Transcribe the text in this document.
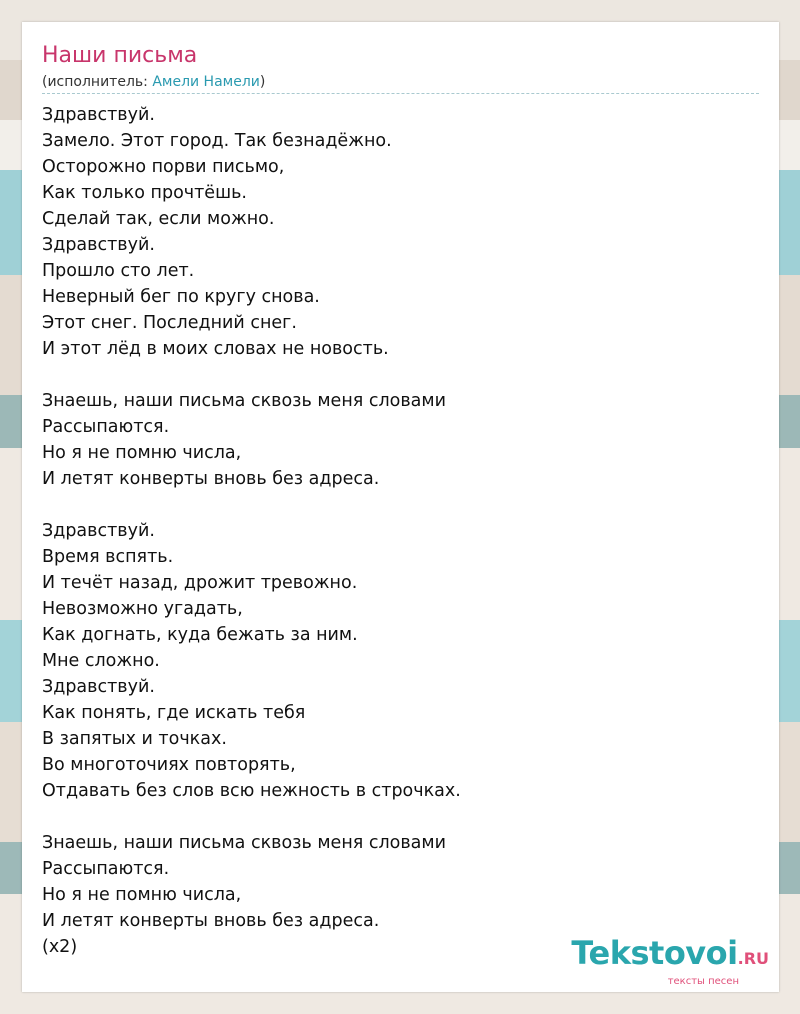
Наши письма
(исполнитель: Амели Намели)
Здравствуй.
Замело. Этот город. Так безнадёжно.
Осторожно порви письмо,
Как только прочтёшь.
Сделай так, если можно.
Здравствуй.
Прошло сто лет.
Неверный бег по кругу снова.
Этот снег. Последний снег.
И этот лёд в моих словах не новость.
Знаешь, наши письма сквозь меня словами
Рассыпаются.
Но я не помню числа,
И летят конверты вновь без адреса.
Здравствуй.
Время вспять.
И течёт назад, дрожит тревожно.
Невозможно угадать,
Как догнать, куда бежать за ним.
Мне сложно.
Здравствуй.
Как понять, где искать тебя
В запятых и точках.
Во многоточиях повторять,
Отдавать без слов всю нежность в строчках.
Знаешь, наши письма сквозь меня словами
Рассыпаются.
Но я не помню числа,
И летят конверты вновь без адреса.
(x2)	Tekstovoi.RU
тексты песен
